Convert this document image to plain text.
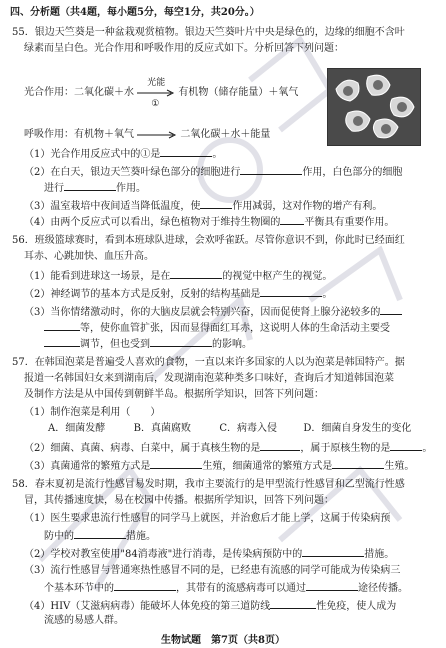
四、分析题（共4题，每小题5分，每空1分，共20分。）
55．银边天竺葵是一种盆栽观赏植物。银边天竺葵叶片中央是绿色的，边缘的细胞不含叶
绿素而呈白色。光合作用和呼吸作用的反应式如下。分析回答下列问题：
光合作用：二氧化碳＋水
光能
①
有机物（储存能量）＋氧气
呼吸作用：有机物＋氧气	二氧化碳＋水＋能量
（1）光合作用反应式中的①是	。
（2）在白天，银边天竺葵叶绿色部分的细胞进行	作用，白色部分的细胞
进行	作用。
（3）温室栽培中夜间适当降低温度，使	作用减弱，这对作物的增产有利。
（4）由两个反应式可以看出，绿色植物对于维持生物圈的 平衡具有重要作用。
56．班级篮球赛时，看到本班球队进球，会欢呼雀跃。尽管你意识不到，你此时已经面红
耳赤、心跳加快、血压升高。
（1）能看到进球这一场景，是在	的视觉中枢产生的视觉。
（2）神经调节的基本方式是反射，反射的结构基础是	。
（3）当你情绪激动时，你的大脑皮层就会特别兴奋，因而促使肾上腺分泌较多的
等，使你血管扩张，因而显得面红耳赤，这说明人体的生命活动主要受
调节，但也受到	的影响。
57．在韩国泡菜是普遍受人喜欢的食物，一直以来许多国家的人以为泡菜是韩国特产。据
报道一名韩国妇女来到湖南后，发现湖南泡菜种类多口味好，查询后才知道韩国泡菜
及制作方法是从中国传到朝鲜半岛。根据所学知识，回答下列问题：
（1）制作泡菜是利用（　　）
A．细菌发酵	B．真菌腐败	C．病毒入侵	D．细菌自身发生的变化
（2）细菌、真菌、病毒、白菜中，属于真核生物的是	，属于原核生物的是	。
（3）真菌通常的繁殖方式是	生殖，细菌通常的繁殖方式是	生殖。
58．春末夏初是流行性感冒易发时期，我市主要流行的是甲型流行性感冒和乙型流行性感
冒，其传播速度快，易在校园中传播。根据所学知识，回答下列问题：
（1）医生要求患流行性感冒的同学马上就医，并治愈后才能上学，这属于传染病预
防中的	措施。
（2）学校对教室使用"84消毒液"进行消毒，是传染病预防中的	措施。
（3）流行性感冒与普通寒热性感冒不同的是，已经患有流感的同学可能成为传染病三
个基本环节中的	，其带有的流感病毒可以通过	途径传播。
（4）HIV（艾滋病病毒）能破坏人体免疫的第三道防线	性免疫，使人成为
流感的易感人群。
生物试题　第7页（共8页）
